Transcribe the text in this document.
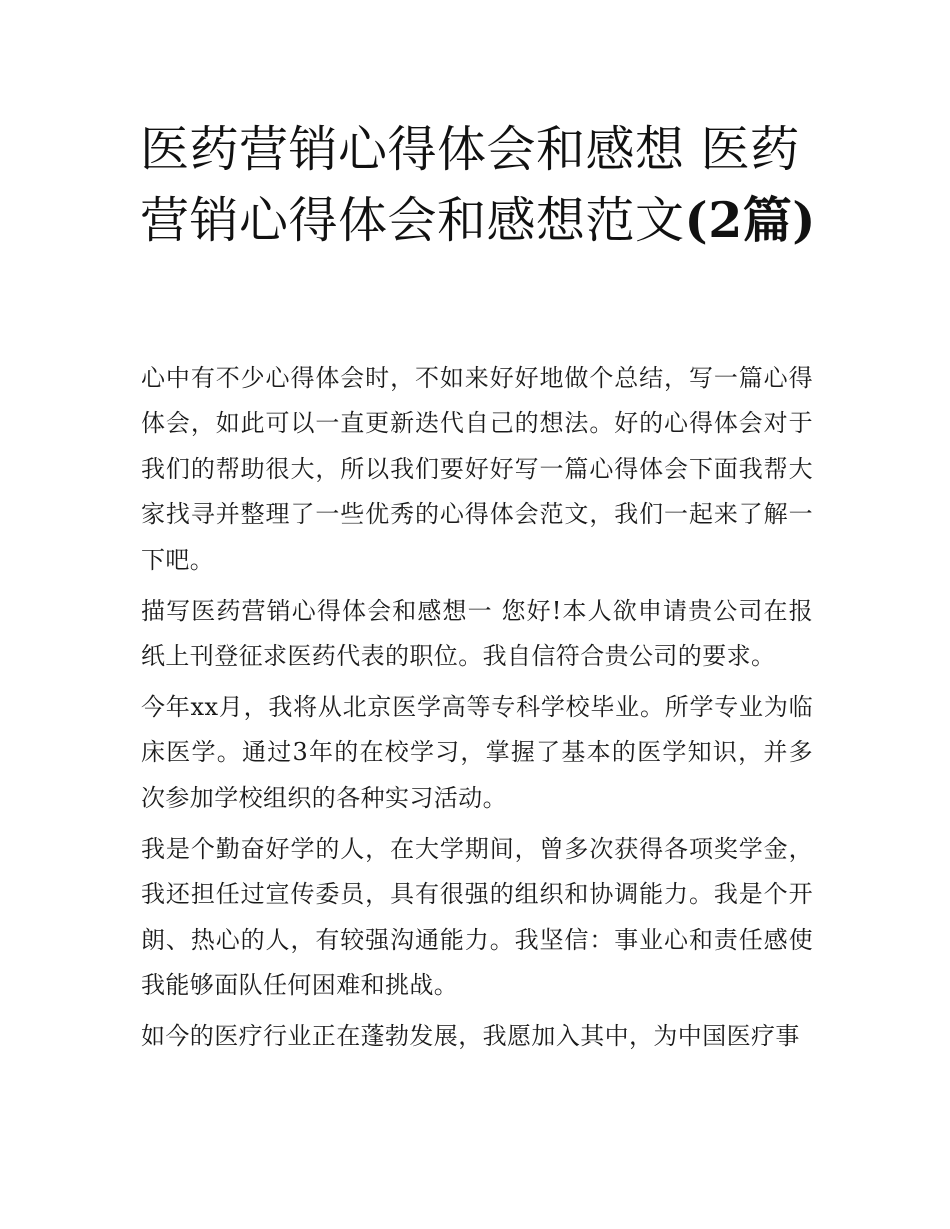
医药营销心得体会和感想 医药营销心得体会和感想范文(2篇)

心中有不少心得体会时，不如来好好地做个总结，写一篇心得体会，如此可以一直更新迭代自己的想法。好的心得体会对于我们的帮助很大，所以我们要好好写一篇心得体会下面我帮大家找寻并整理了一些优秀的心得体会范文，我们一起来了解一下吧。

描写医药营销心得体会和感想一 您好!本人欲申请贵公司在报纸上刊登征求医药代表的职位。我自信符合贵公司的要求。

今年xx月，我将从北京医学高等专科学校毕业。所学专业为临床医学。通过3年的在校学习，掌握了基本的医学知识，并多次参加学校组织的各种实习活动。

我是个勤奋好学的人，在大学期间，曾多次获得各项奖学金，我还担任过宣传委员，具有很强的组织和协调能力。我是个开朗、热心的人，有较强沟通能力。我坚信：事业心和责任感使我能够面队任何困难和挑战。

如今的医疗行业正在蓬勃发展，我愿加入其中，为中国医疗事
